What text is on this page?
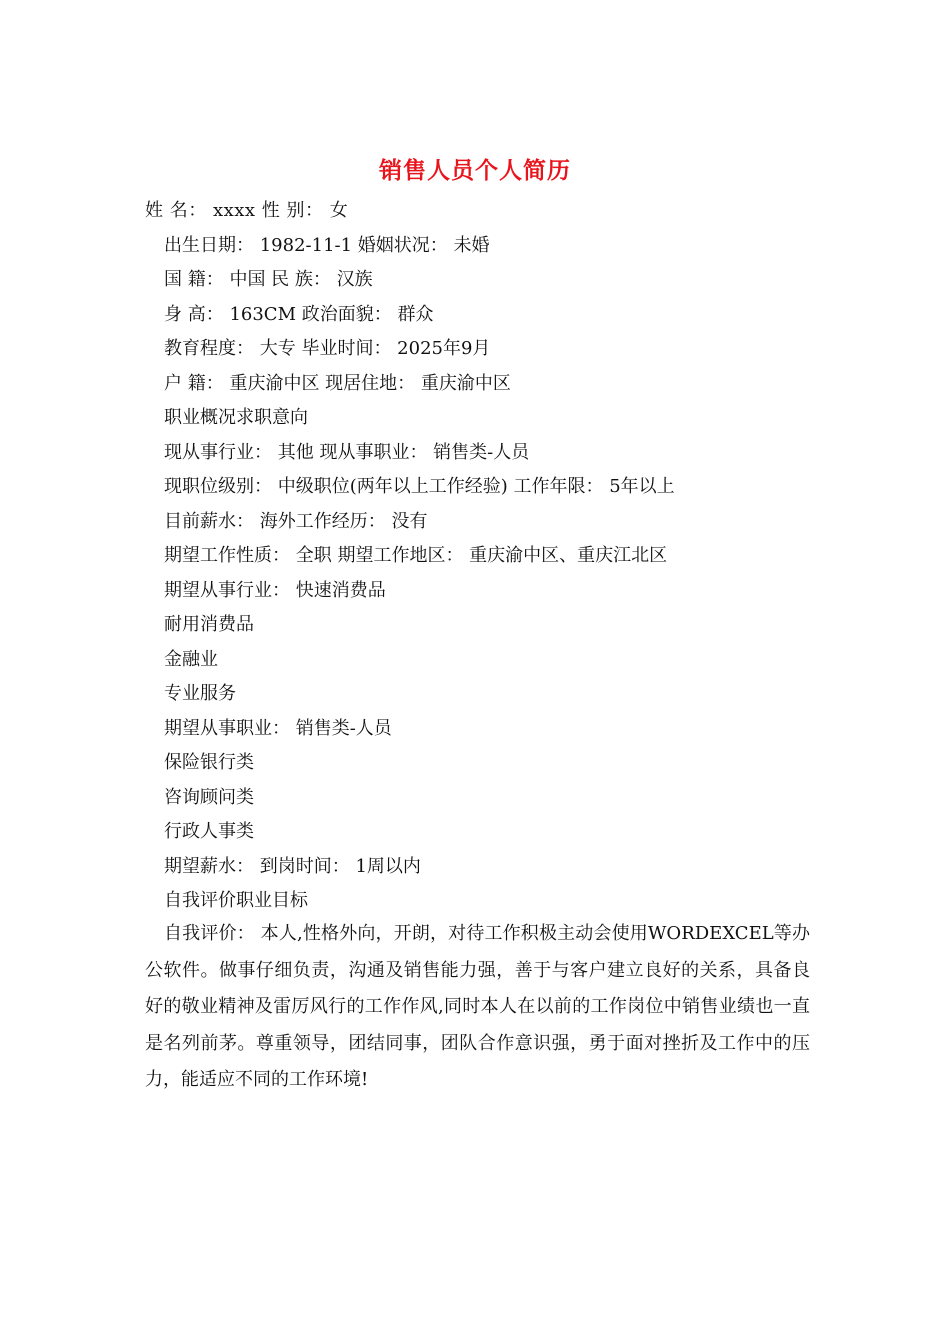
销售人员个人简历
姓 名： xxxx 性 别： 女
出生日期： 1982-11-1 婚姻状况： 未婚
国 籍： 中国 民 族： 汉族
身 高： 163CM 政治面貌： 群众
教育程度： 大专 毕业时间： 2025年9月
户 籍： 重庆渝中区 现居住地： 重庆渝中区
职业概况求职意向
现从事行业： 其他 现从事职业： 销售类-人员
现职位级别： 中级职位(两年以上工作经验) 工作年限： 5年以上
目前薪水： 海外工作经历： 没有
期望工作性质： 全职 期望工作地区： 重庆渝中区、重庆江北区
期望从事行业： 快速消费品
耐用消费品
金融业
专业服务
期望从事职业： 销售类-人员
保险银行类
咨询顾问类
行政人事类
期望薪水： 到岗时间： 1周以内
自我评价职业目标
自我评价： 本人,性格外向，开朗，对待工作积极主动会使用WORDEXCEL等办公软件。做事仔细负责，沟通及销售能力强，善于与客户建立良好的关系，具备良好的敬业精神及雷厉风行的工作作风,同时本人在以前的工作岗位中销售业绩也一直是名列前茅。尊重领导，团结同事，团队合作意识强，勇于面对挫折及工作中的压力，能适应不同的工作环境!
